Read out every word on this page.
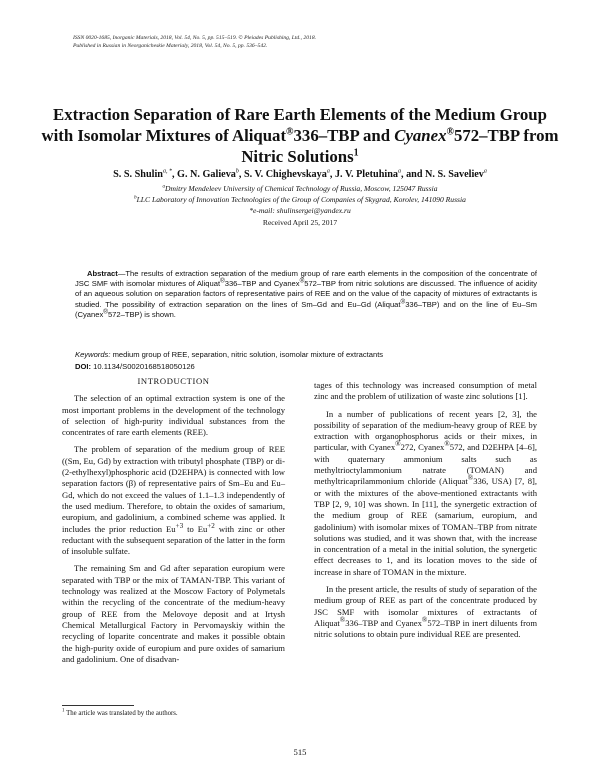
ISSN 0020-1685, Inorganic Materials, 2018, Vol. 54, No. 5, pp. 515–519. © Pleiades Publishing, Ltd., 2018.
Published in Russian in Neorganicheskie Materialy, 2018, Vol. 54, No. 5, pp. 536–542.
Extraction Separation of Rare Earth Elements of the Medium Group with Isomolar Mixtures of Aliquat®336–TBP and Cyanex®572–TBP from Nitric Solutions$^1$
S. S. Shulin$^{a, *}$, G. N. Galieva$^b$, S. V. Chighevskaya$^a$, J. V. Pletuhina$^a$, and N. S. Saveliev$^a$
$^a$Dmitry Mendeleev University of Chemical Technology of Russia, Moscow, 125047 Russia
$^b$LLC Laboratory of Innovation Technologies of the Group of Companies of Skygrad, Korolev, 141090 Russia
*e-mail: shulinsergei@yandex.ru
Received April 25, 2017
Abstract—The results of extraction separation of the medium group of rare earth elements in the composition of the concentrate of JSC SMF with isomolar mixtures of Aliquat®336–TBP and Cyanex®572–TBP from nitric solutions are discussed. The influence of acidity of an aqueous solution on separation factors of representative pairs of REE and on the value of the capacity of mixtures of extractants is studied. The possibility of extraction separation on the lines of Sm–Gd and Eu–Gd (Aliquat®336–TBP) and on the line of Eu–Sm (Cyanex®572–TBP) is shown.
Keywords: medium group of REE, separation, nitric solution, isomolar mixture of extractants
DOI: 10.1134/S0020168518050126

INTRODUCTION

The selection of an optimal extraction system is one of the most important problems in the development of the technology of selection of high-purity individual substances from the concentrates of rare earth elements (REE).

The problem of separation of the medium group of REE ((Sm, Eu, Gd) by extraction with tributyl phosphate (TBP) or di-(2-ethylhexyl)phosphoric acid (D2EHPA) is connected with low separation factors (β) of representative pairs of Sm–Eu and Eu–Gd, which do not exceed the values of 1.1–1.3 independently of the used medium. Therefore, to obtain the oxides of samarium, europium, and gadolinium, a combined scheme was applied. It includes the prior reduction $Eu^{+3}$ to $Eu^{+2}$ with zinc or other reductant with the subsequent separation of the latter in the form of insoluble sulfate.

The remaining Sm and Gd after separation europium were separated with TBP or the mix of TAMAN-TBP. This variant of technology was realized at the Moscow Factory of Polymetals within the recycling of the concentrate of the medium-heavy group of REE from the Melovoye deposit and at Irtysh Chemical Metallurgical Factory in Pervomayskiy within the recycling of loparite concentrate and makes it possible obtain the high-purity oxide of europium and pure oxides of samarium and gadolinium. One of disadvan-

tages of this technology was increased consumption of metal zinc and the problem of utilization of waste zinc solutions [1].

In a number of publications of recent years [2, 3], the possibility of separation of the medium-heavy group of REE by extraction with organophosphorus acids or their mixes, in particular, with Cyanex®272, Cyanex®572, and D2EHPA [4–6], with quaternary ammonium salts such as methyltrioctylammonium natrate (TOMAN) and methyltricaprilammonium chloride (Aliquat®336, USA) [7, 8], or with the mixtures of the above-mentioned extractants with TBP [2, 9, 10] was shown. In [11], the synergetic extraction of the medium group of REE (samarium, europium, and gadolinium) with isomolar mixes of TOMAN–TBP from nitrate solutions was studied, and it was shown that, with the increase in concentration of a metal in the initial solution, the synergetic effect decreases to 1, and its location moves to the side of increase in share of TOMAN in the mixture.

In the present article, the results of study of separation of the medium group of REE as part of the concentrate produced by JSC SMF with isomolar mixtures of extractants of Aliquat®336–TBP and Cyanex®572–TBP in inert diluents from nitric solutions to obtain pure individual REE are presented.

$^1$ The article was translated by the authors.
515
